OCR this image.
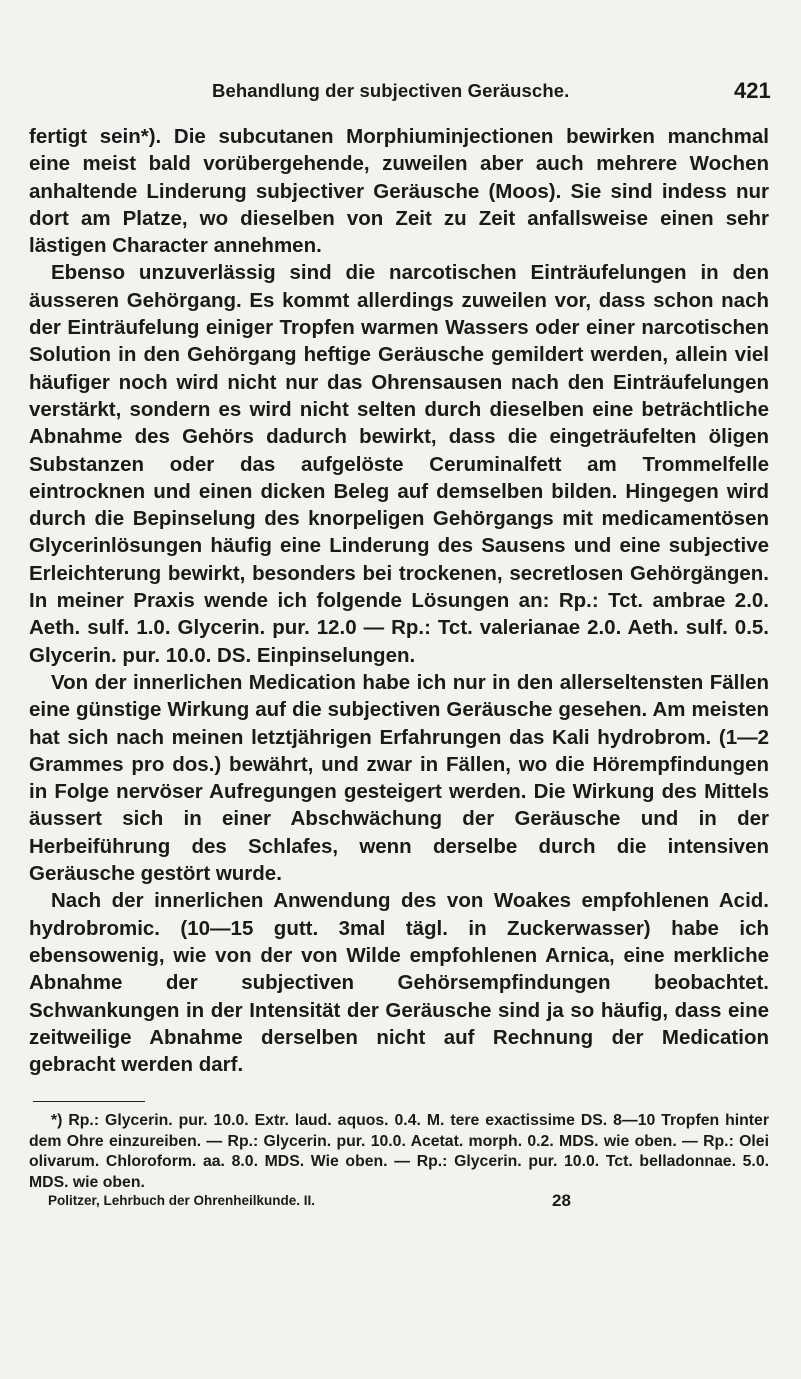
Behandlung der subjectiven Geräusche.	421

fertigt sein*). Die subcutanen Morphiuminjectionen bewirken manchmal eine meist bald vorübergehende, zuweilen aber auch mehrere Wochen anhaltende Linderung subjectiver Geräusche (Moos). Sie sind indess nur dort am Platze, wo dieselben von Zeit zu Zeit anfallsweise einen sehr lästigen Character annehmen.

Ebenso unzuverlässig sind die narcotischen Einträufelungen in den äusseren Gehörgang. Es kommt allerdings zuweilen vor, dass schon nach der Einträufelung einiger Tropfen warmen Wassers oder einer narcotischen Solution in den Gehörgang heftige Geräusche gemildert werden, allein viel häufiger noch wird nicht nur das Ohrensausen nach den Einträufelungen verstärkt, sondern es wird nicht selten durch dieselben eine beträchtliche Abnahme des Gehörs dadurch bewirkt, dass die eingeträufelten öligen Substanzen oder das aufgelöste Ceruminalfett am Trommelfelle eintrocknen und einen dicken Beleg auf demselben bilden. Hingegen wird durch die Bepinselung des knorpeligen Gehörgangs mit medicamentösen Glycerinlösungen häufig eine Linderung des Sausens und eine subjective Erleichterung bewirkt, besonders bei trockenen, secretlosen Gehörgängen. In meiner Praxis wende ich folgende Lösungen an: Rp.: Tct. ambrae 2.0. Aeth. sulf. 1.0. Glycerin. pur. 12.0 — Rp.: Tct. valerianae 2.0. Aeth. sulf. 0.5. Glycerin. pur. 10.0. DS. Einpinselungen.

Von der innerlichen Medication habe ich nur in den allerseltensten Fällen eine günstige Wirkung auf die subjectiven Geräusche gesehen. Am meisten hat sich nach meinen letztjährigen Erfahrungen das Kali hydrobrom. (1—2 Grammes pro dos.) bewährt, und zwar in Fällen, wo die Hörempfindungen in Folge nervöser Aufregungen gesteigert werden. Die Wirkung des Mittels äussert sich in einer Abschwächung der Geräusche und in der Herbeiführung des Schlafes, wenn derselbe durch die intensiven Geräusche gestört wurde.

Nach der innerlichen Anwendung des von Woakes empfohlenen Acid. hydrobromic. (10—15 gutt. 3mal tägl. in Zuckerwasser) habe ich ebensowenig, wie von der von Wilde empfohlenen Arnica, eine merkliche Abnahme der subjectiven Gehörsempfindungen beobachtet. Schwankungen in der Intensität der Geräusche sind ja so häufig, dass eine zeitweilige Abnahme derselben nicht auf Rechnung der Medication gebracht werden darf.

*) Rp.: Glycerin. pur. 10.0. Extr. laud. aquos. 0.4. M. tere exactissime DS. 8—10 Tropfen hinter dem Ohre einzureiben. — Rp.: Glycerin. pur. 10.0. Acetat. morph. 0.2. MDS. wie oben. — Rp.: Olei olivarum. Chloroform. aa. 8.0. MDS. Wie oben. — Rp.: Glycerin. pur. 10.0. Tct. belladonnae. 5.0. MDS. wie oben.

Politzer, Lehrbuch der Ohrenheilkunde. II.	28
